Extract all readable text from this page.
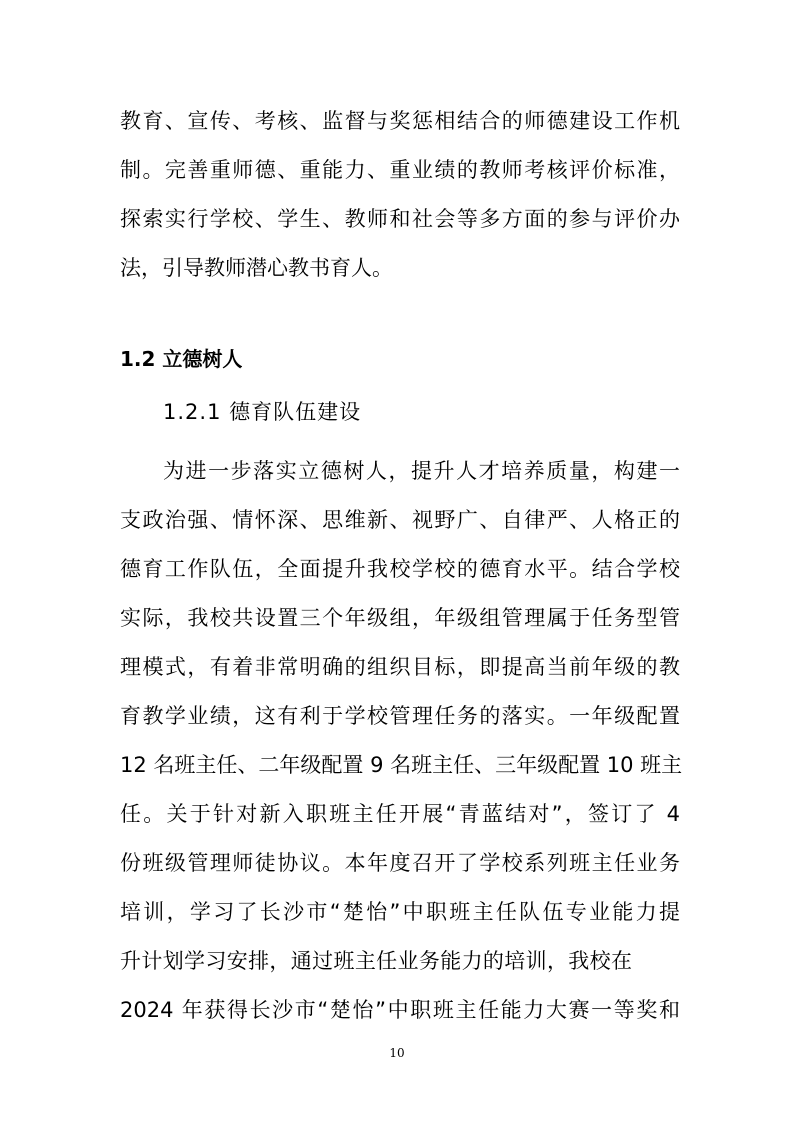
教育、宣传、考核、监督与奖惩相结合的师德建设工作机
制。完善重师德、重能力、重业绩的教师考核评价标准，
探索实行学校、学生、教师和社会等多方面的参与评价办
法，引导教师潜心教书育人。
1.2 立德树人
1.2.1 德育队伍建设
为进一步落实立德树人，提升人才培养质量，构建一
支政治强、情怀深、思维新、视野广、自律严、人格正的
德育工作队伍，全面提升我校学校的德育水平。结合学校
实际，我校共设置三个年级组，年级组管理属于任务型管
理模式，有着非常明确的组织目标，即提高当前年级的教
育教学业绩，这有利于学校管理任务的落实。一年级配置
12 名班主任、二年级配置 9 名班主任、三年级配置 10 班主
任。关于针对新入职班主任开展“青蓝结对”，签订了 4
份班级管理师徒协议。本年度召开了学校系列班主任业务
培训，学习了长沙市“楚怡”中职班主任队伍专业能力提
升计划学习安排，通过班主任业务能力的培训，我校在
2024 年获得长沙市“楚怡”中职班主任能力大赛一等奖和
10
